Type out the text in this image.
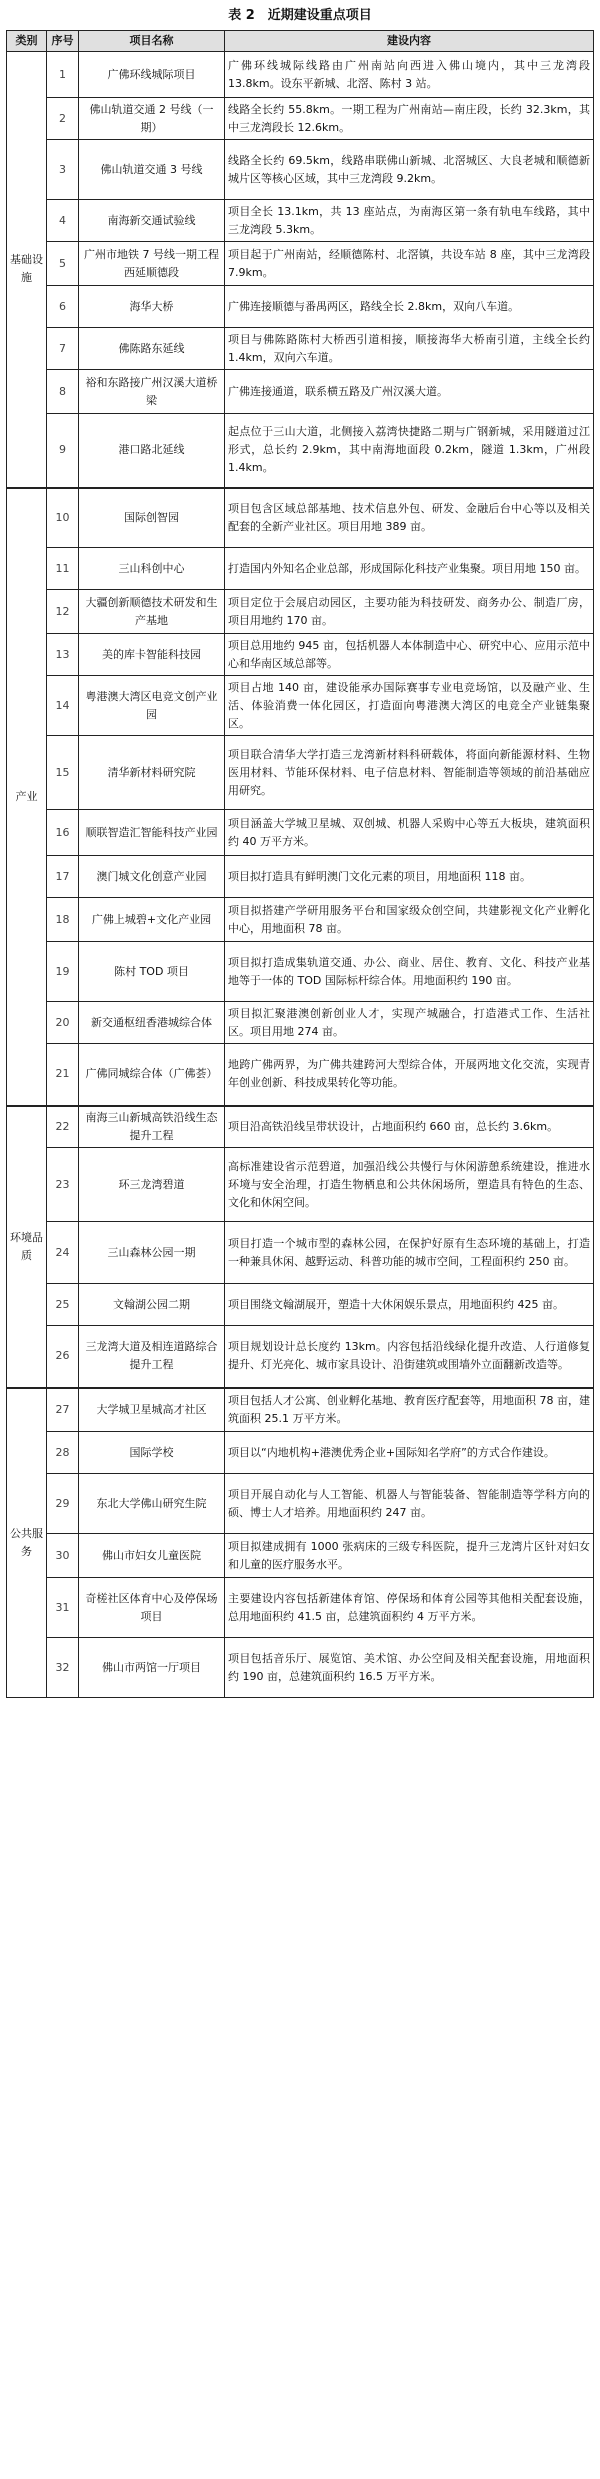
表 2　近期建设重点项目
类别	序号	项目名称	建设内容
基础设施	1	广佛环线城际项目	广佛环线城际线路由广州南站向西进入佛山境内，其中三龙湾段 13.8km。设东平新城、北滘、陈村 3 站。
	2	佛山轨道交通 2 号线（一期）	线路全长约 55.8km。一期工程为广州南站—南庄段，长约 32.3km，其中三龙湾段长 12.6km。
	3	佛山轨道交通 3 号线	线路全长约 69.5km，线路串联佛山新城、北滘城区、大良老城和顺德新城片区等核心区域，其中三龙湾段 9.2km。
	4	南海新交通试验线	项目全长 13.1km，共 13 座站点，为南海区第一条有轨电车线路，其中三龙湾段 5.3km。
	5	广州市地铁 7 号线一期工程西延顺德段	项目起于广州南站，经顺德陈村、北滘镇，共设车站 8 座，其中三龙湾段 7.9km。
	6	海华大桥	广佛连接顺德与番禺两区，路线全长 2.8km，双向八车道。
	7	佛陈路东延线	项目与佛陈路陈村大桥西引道相接，顺接海华大桥南引道，主线全长约 1.4km，双向六车道。
	8	裕和东路接广州汉溪大道桥梁	广佛连接通道，联系横五路及广州汉溪大道。
	9	港口路北延线	起点位于三山大道，北侧接入荔湾快捷路二期与广钢新城，采用隧道过江形式，总长约 2.9km，其中南海地面段 0.2km，隧道 1.3km，广州段 1.4km。
产业	10	国际创智园	项目包含区域总部基地、技术信息外包、研发、金融后台中心等以及相关配套的全新产业社区。项目用地 389 亩。
	11	三山科创中心	打造国内外知名企业总部，形成国际化科技产业集聚。项目用地 150 亩。
	12	大疆创新顺德技术研发和生产基地	项目定位于会展启动园区，主要功能为科技研发、商务办公、制造厂房，项目用地约 170 亩。
	13	美的库卡智能科技园	项目总用地约 945 亩，包括机器人本体制造中心、研究中心、应用示范中心和华南区域总部等。
	14	粤港澳大湾区电竞文创产业园	项目占地 140 亩，建设能承办国际赛事专业电竞场馆，以及融产业、生活、体验消费一体化园区，打造面向粤港澳大湾区的电竞全产业链集聚区。
	15	清华新材料研究院	项目联合清华大学打造三龙湾新材料科研载体，将面向新能源材料、生物医用材料、节能环保材料、电子信息材料、智能制造等领域的前沿基础应用研究。
	16	顺联智造汇智能科技产业园	项目涵盖大学城卫星城、双创城、机器人采购中心等五大板块，建筑面积约 40 万平方米。
	17	澳门城文化创意产业园	项目拟打造具有鲜明澳门文化元素的项目，用地面积 118 亩。
	18	广佛上城碧+文化产业园	项目拟搭建产学研用服务平台和国家级众创空间，共建影视文化产业孵化中心，用地面积 78 亩。
	19	陈村 TOD 项目	项目拟打造成集轨道交通、办公、商业、居住、教育、文化、科技产业基地等于一体的 TOD 国际标杆综合体。用地面积约 190 亩。
	20	新交通枢纽香港城综合体	项目拟汇聚港澳创新创业人才，实现产城融合，打造港式工作、生活社区。项目用地 274 亩。
	21	广佛同城综合体（广佛荟）	地跨广佛两界，为广佛共建跨河大型综合体，开展两地文化交流，实现青年创业创新、科技成果转化等功能。
环境品质	22	南海三山新城高铁沿线生态提升工程	项目沿高铁沿线呈带状设计，占地面积约 660 亩，总长约 3.6km。
	23	环三龙湾碧道	高标准建设省示范碧道，加强沿线公共慢行与休闲游憩系统建设，推进水环境与安全治理，打造生物栖息和公共休闲场所，塑造具有特色的生态、文化和休闲空间。
	24	三山森林公园一期	项目打造一个城市型的森林公园，在保护好原有生态环境的基础上，打造一种兼具休闲、越野运动、科普功能的城市空间，工程面积约 250 亩。
	25	文翰湖公园二期	项目围绕文翰湖展开，塑造十大休闲娱乐景点，用地面积约 425 亩。
	26	三龙湾大道及相连道路综合提升工程	项目规划设计总长度约 13km。内容包括沿线绿化提升改造、人行道修复提升、灯光亮化、城市家具设计、沿街建筑或围墙外立面翻新改造等。
公共服务	27	大学城卫星城高才社区	项目包括人才公寓、创业孵化基地、教育医疗配套等，用地面积 78 亩，建筑面积 25.1 万平方米。
	28	国际学校	项目以“内地机构+港澳优秀企业+国际知名学府”的方式合作建设。
	29	东北大学佛山研究生院	项目开展自动化与人工智能、机器人与智能装备、智能制造等学科方向的硕、博士人才培养。用地面积约 247 亩。
	30	佛山市妇女儿童医院	项目拟建成拥有 1000 张病床的三级专科医院，提升三龙湾片区针对妇女和儿童的医疗服务水平。
	31	奇槎社区体育中心及停保场项目	主要建设内容包括新建体育馆、停保场和体育公园等其他相关配套设施，总用地面积约 41.5 亩，总建筑面积约 4 万平方米。
	32	佛山市两馆一厅项目	项目包括音乐厅、展览馆、美术馆、办公空间及相关配套设施，用地面积约 190 亩，总建筑面积约 16.5 万平方米。
